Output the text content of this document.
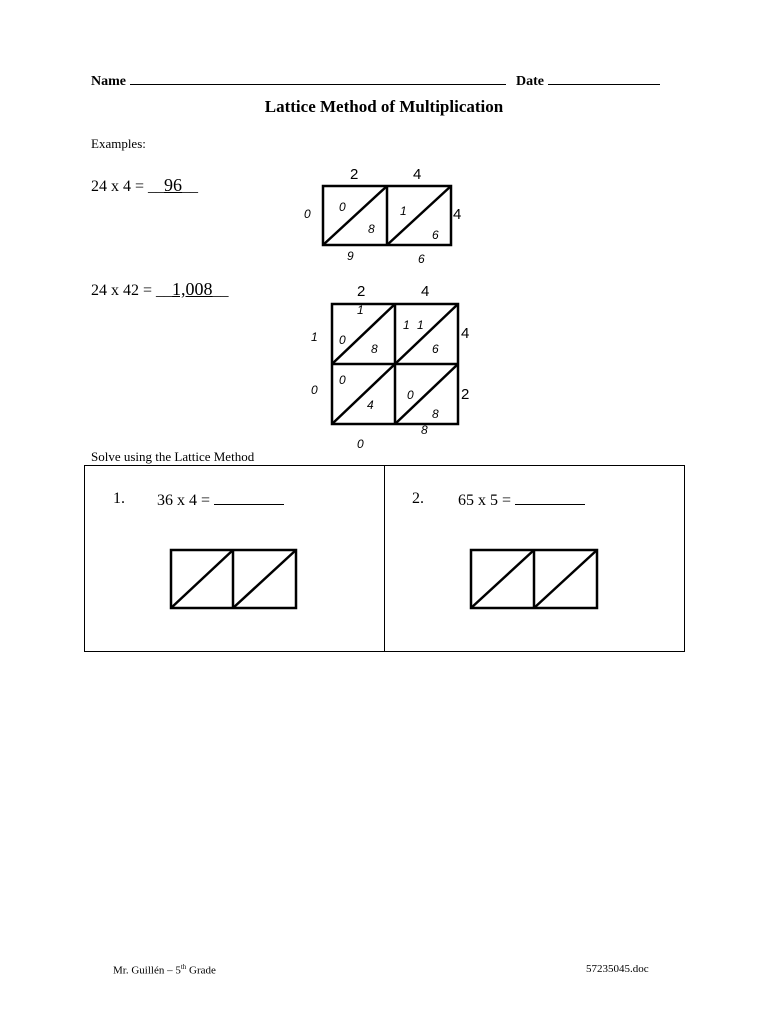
Name	Date
Lattice Method of Multiplication
Examples:
24 x 4 = __96__
2	4
4
0
8
1
6
0
9	6
24 x 42 = __1,008__	2	4
4
2
1
1 1
0
8	6
0
4
0
8
1
0
0
8
Solve using the Lattice Method
1. 36 x 4 =	2. 65 x 5 =
Mr. Guillén – 5th Grade	57235045.doc
